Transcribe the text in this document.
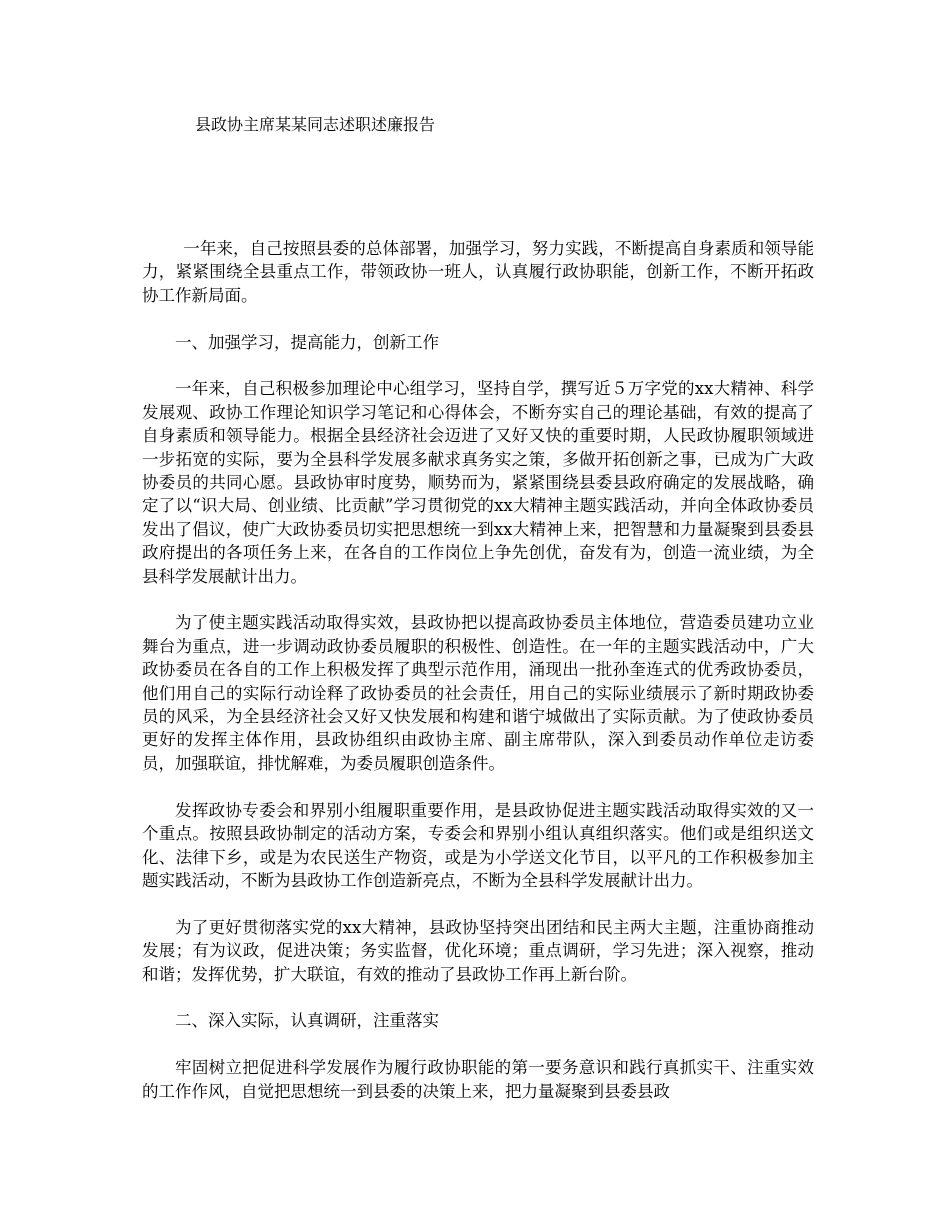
县政协主席某某同志述职述廉报告

一年来，自己按照县委的总体部署，加强学习，努力实践，不断提高自身素质和领导能力，紧紧围绕全县重点工作，带领政协一班人，认真履行政协职能，创新工作，不断开拓政协工作新局面。

一、加强学习，提高能力，创新工作

一年来，自己积极参加理论中心组学习，坚持自学，撰写近５万字党的xx大精神、科学发展观、政协工作理论知识学习笔记和心得体会，不断夯实自己的理论基础，有效的提高了自身素质和领导能力。根据全县经济社会迈进了又好又快的重要时期，人民政协履职领域进一步拓宽的实际，要为全县科学发展多献求真务实之策，多做开拓创新之事，已成为广大政协委员的共同心愿。县政协审时度势，顺势而为，紧紧围绕县委县政府确定的发展战略，确定了以“识大局、创业绩、比贡献”学习贯彻党的xx大精神主题实践活动，并向全体政协委员发出了倡议，使广大政协委员切实把思想统一到xx大精神上来，把智慧和力量凝聚到县委县政府提出的各项任务上来，在各自的工作岗位上争先创优，奋发有为，创造一流业绩，为全县科学发展献计出力。

为了使主题实践活动取得实效，县政协把以提高政协委员主体地位，营造委员建功立业舞台为重点，进一步调动政协委员履职的积极性、创造性。在一年的主题实践活动中，广大政协委员在各自的工作上积极发挥了典型示范作用，涌现出一批孙奎连式的优秀政协委员，他们用自己的实际行动诠释了政协委员的社会责任，用自己的实际业绩展示了新时期政协委员的风采，为全县经济社会又好又快发展和构建和谐宁城做出了实际贡献。为了使政协委员更好的发挥主体作用，县政协组织由政协主席、副主席带队，深入到委员动作单位走访委员，加强联谊，排忧解难，为委员履职创造条件。

发挥政协专委会和界别小组履职重要作用，是县政协促进主题实践活动取得实效的又一个重点。按照县政协制定的活动方案，专委会和界别小组认真组织落实。他们或是组织送文化、法律下乡，或是为农民送生产物资，或是为小学送文化节目，以平凡的工作积极参加主题实践活动，不断为县政协工作创造新亮点，不断为全县科学发展献计出力。

为了更好贯彻落实党的xx大精神，县政协坚持突出团结和民主两大主题，注重协商推动发展；有为议政，促进决策；务实监督，优化环境；重点调研，学习先进；深入视察，推动和谐；发挥优势，扩大联谊，有效的推动了县政协工作再上新台阶。

二、深入实际，认真调研，注重落实

牢固树立把促进科学发展作为履行政协职能的第一要务意识和践行真抓实干、注重实效的工作作风，自觉把思想统一到县委的决策上来，把力量凝聚到县委县政
